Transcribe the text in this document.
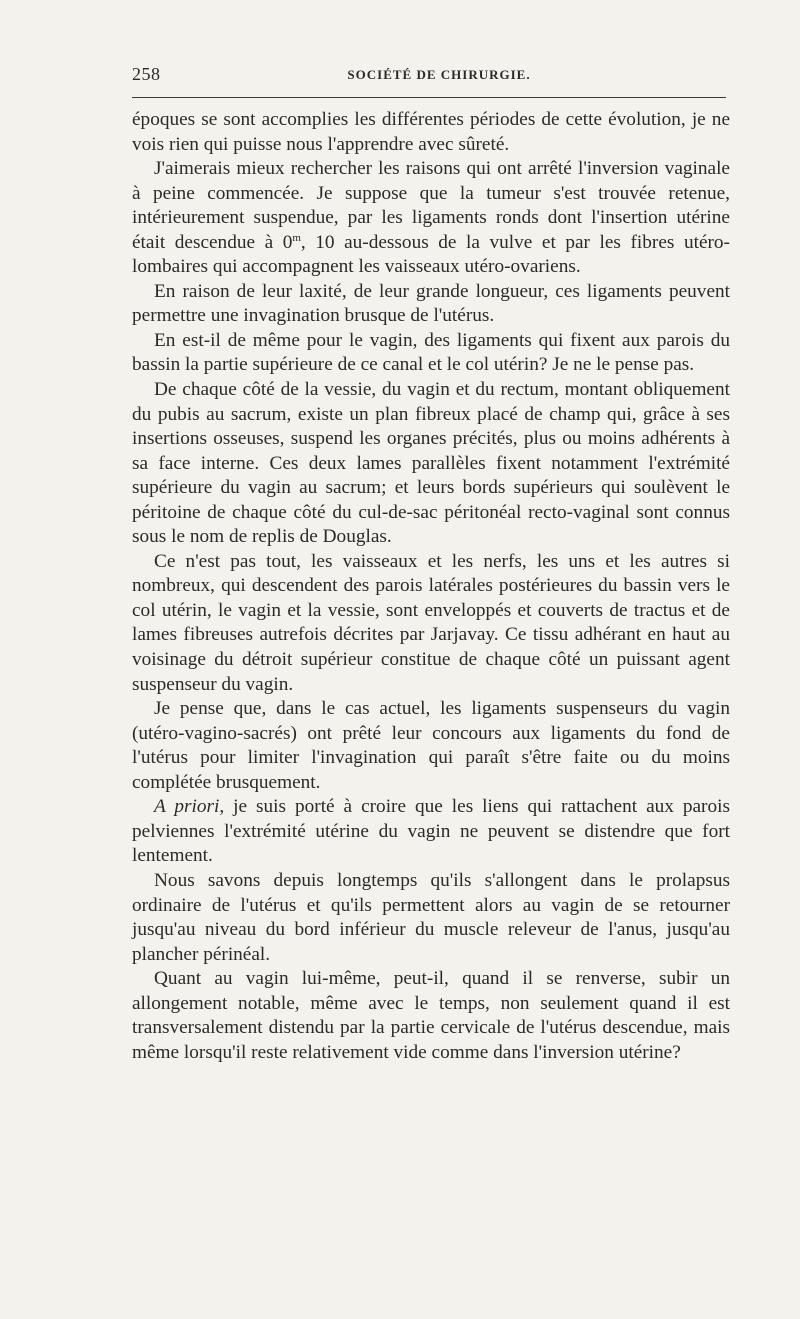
258	SOCIÉTÉ DE CHIRURGIE.

époques se sont accomplies les différentes périodes de cette évolution, je ne vois rien qui puisse nous l'apprendre avec sûreté.

J'aimerais mieux rechercher les raisons qui ont arrêté l'inversion vaginale à peine commencée. Je suppose que la tumeur s'est trouvée retenue, intérieurement suspendue, par les ligaments ronds dont l'insertion utérine était descendue à 0$^m$, 10 au-dessous de la vulve et par les fibres utéro-lombaires qui accompagnent les vaisseaux utéro-ovariens.

En raison de leur laxité, de leur grande longueur, ces ligaments peuvent permettre une invagination brusque de l'utérus.

En est-il de même pour le vagin, des ligaments qui fixent aux parois du bassin la partie supérieure de ce canal et le col utérin? Je ne le pense pas.

De chaque côté de la vessie, du vagin et du rectum, montant obliquement du pubis au sacrum, existe un plan fibreux placé de champ qui, grâce à ses insertions osseuses, suspend les organes précités, plus ou moins adhérents à sa face interne. Ces deux lames parallèles fixent notamment l'extrémité supérieure du vagin au sacrum; et leurs bords supérieurs qui soulèvent le péritoine de chaque côté du cul-de-sac péritonéal recto-vaginal sont connus sous le nom de replis de Douglas.

Ce n'est pas tout, les vaisseaux et les nerfs, les uns et les autres si nombreux, qui descendent des parois latérales postérieures du bassin vers le col utérin, le vagin et la vessie, sont enveloppés et couverts de tractus et de lames fibreuses autrefois décrites par Jarjavay. Ce tissu adhérant en haut au voisinage du détroit supérieur constitue de chaque côté un puissant agent suspenseur du vagin.

Je pense que, dans le cas actuel, les ligaments suspenseurs du vagin (utéro-vagino-sacrés) ont prêté leur concours aux ligaments du fond de l'utérus pour limiter l'invagination qui paraît s'être faite ou du moins complétée brusquement.

A priori, je suis porté à croire que les liens qui rattachent aux parois pelviennes l'extrémité utérine du vagin ne peuvent se distendre que fort lentement.

Nous savons depuis longtemps qu'ils s'allongent dans le prolapsus ordinaire de l'utérus et qu'ils permettent alors au vagin de se retourner jusqu'au niveau du bord inférieur du muscle releveur de l'anus, jusqu'au plancher périnéal.

Quant au vagin lui-même, peut-il, quand il se renverse, subir un allongement notable, même avec le temps, non seulement quand il est transversalement distendu par la partie cervicale de l'utérus descendue, mais même lorsqu'il reste relativement vide comme dans l'inversion utérine?
